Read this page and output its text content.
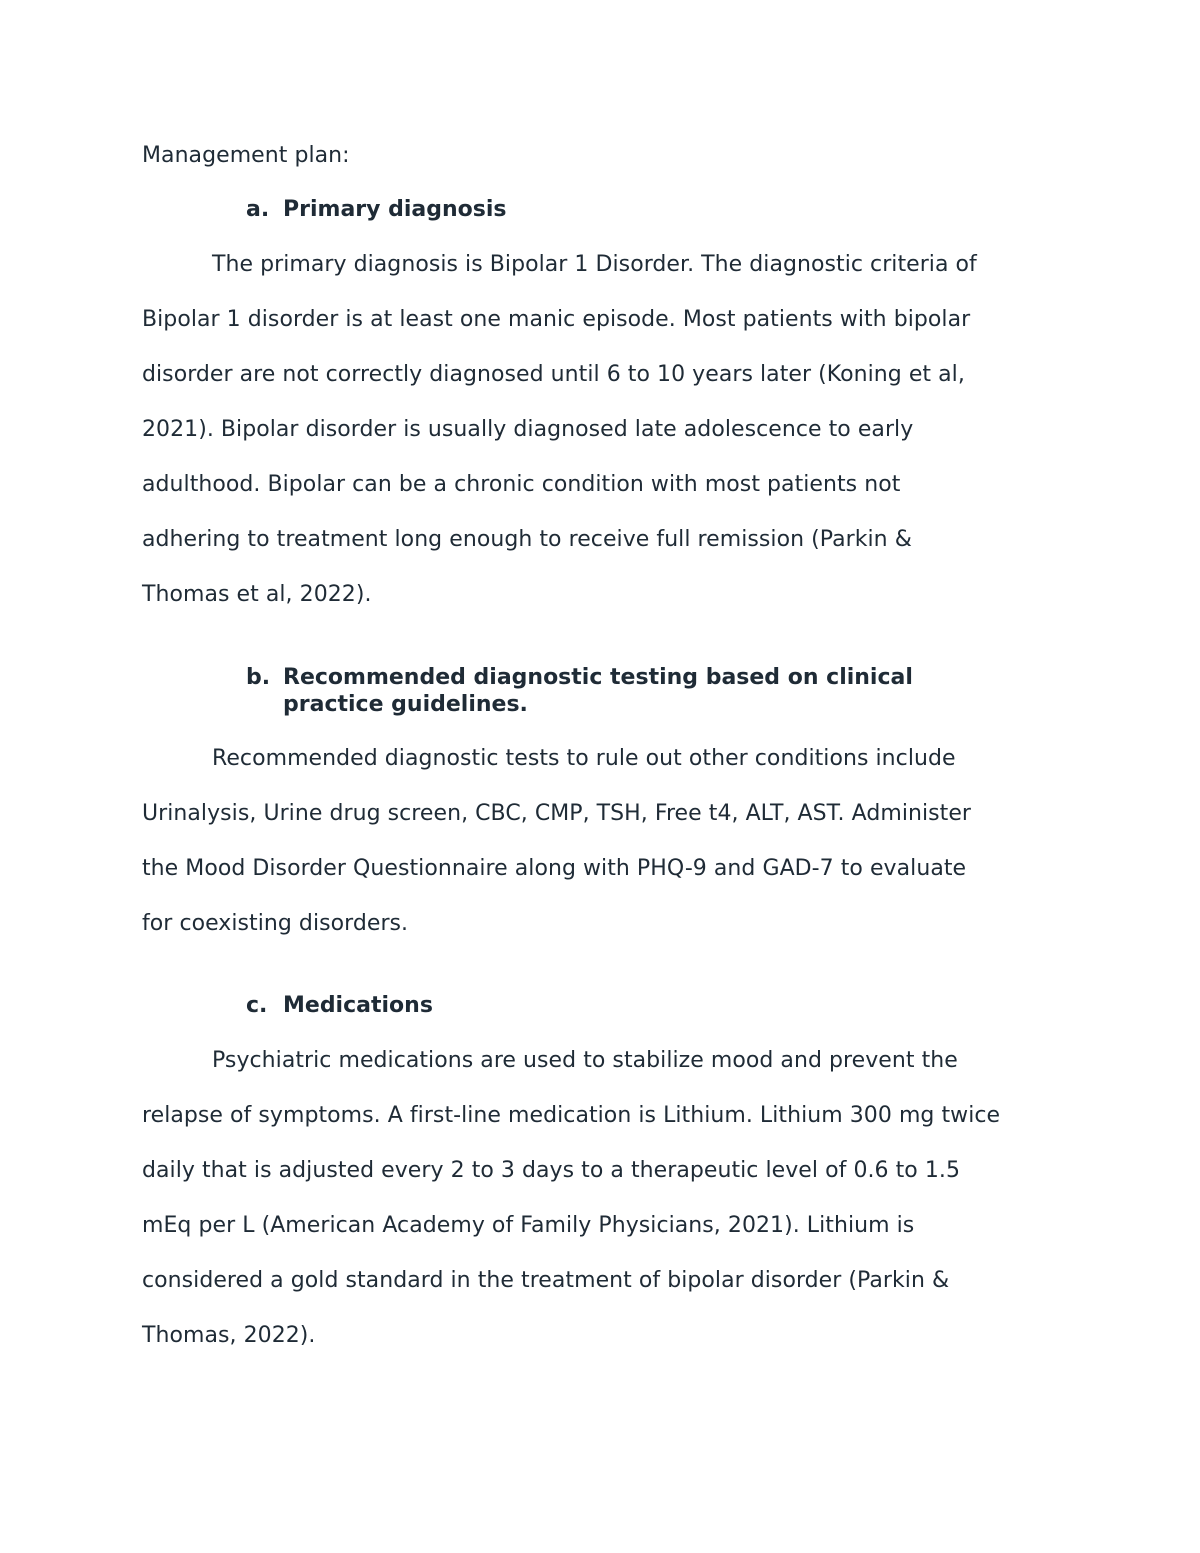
Management plan:
a. Primary diagnosis
The primary diagnosis is Bipolar 1 Disorder. The diagnostic criteria of
Bipolar 1 disorder is at least one manic episode. Most patients with bipolar
disorder are not correctly diagnosed until 6 to 10 years later (Koning et al,
2021). Bipolar disorder is usually diagnosed late adolescence to early
adulthood. Bipolar can be a chronic condition with most patients not
adhering to treatment long enough to receive full remission (Parkin &
Thomas et al, 2022).
b. Recommended diagnostic testing based on clinical
practice guidelines.
Recommended diagnostic tests to rule out other conditions include
Urinalysis, Urine drug screen, CBC, CMP, TSH, Free t4, ALT, AST. Administer
the Mood Disorder Questionnaire along with PHQ-9 and GAD-7 to evaluate
for coexisting disorders.
c. Medications
Psychiatric medications are used to stabilize mood and prevent the
relapse of symptoms. A first-line medication is Lithium. Lithium 300 mg twice
daily that is adjusted every 2 to 3 days to a therapeutic level of 0.6 to 1.5
mEq per L (American Academy of Family Physicians, 2021). Lithium is
considered a gold standard in the treatment of bipolar disorder (Parkin &
Thomas, 2022).
